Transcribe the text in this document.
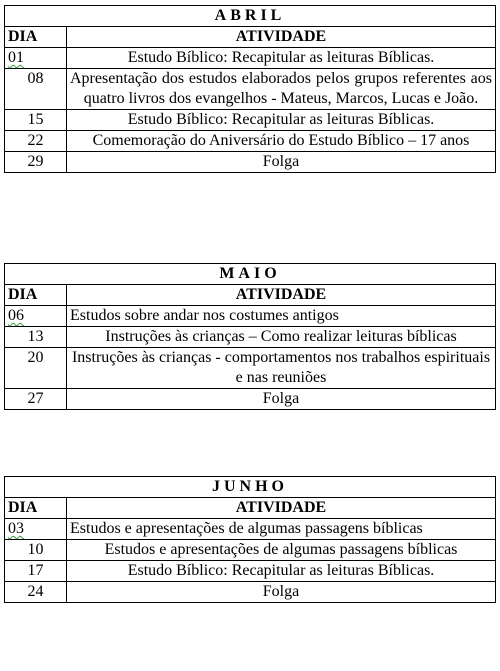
ABRIL	
DIA	ATIVIDADE
01	Estudo Bíblico: Recapitular as leituras Bíblicas.
08	Apresentação dos estudos elaborados pelos grupos referentes aos quatro livros dos evangelhos - Mateus, Marcos, Lucas e João.
15	Estudo Bíblico: Recapitular as leituras Bíblicas.
22	Comemoração do Aniversário do Estudo Bíblico – 17 anos
29	Folga
MAIO	
DIA	ATIVIDADE
06	Estudos sobre andar nos costumes antigos
13	Instruções às crianças – Como realizar leituras bíblicas
20	Instruções às crianças - comportamentos nos trabalhos espirituais e nas reuniões
27	Folga
JUNHO	
DIA	ATIVIDADE
03	Estudos e apresentações de algumas passagens bíblicas
10	Estudos e apresentações de algumas passagens bíblicas
17	Estudo Bíblico: Recapitular as leituras Bíblicas.
24	Folga
